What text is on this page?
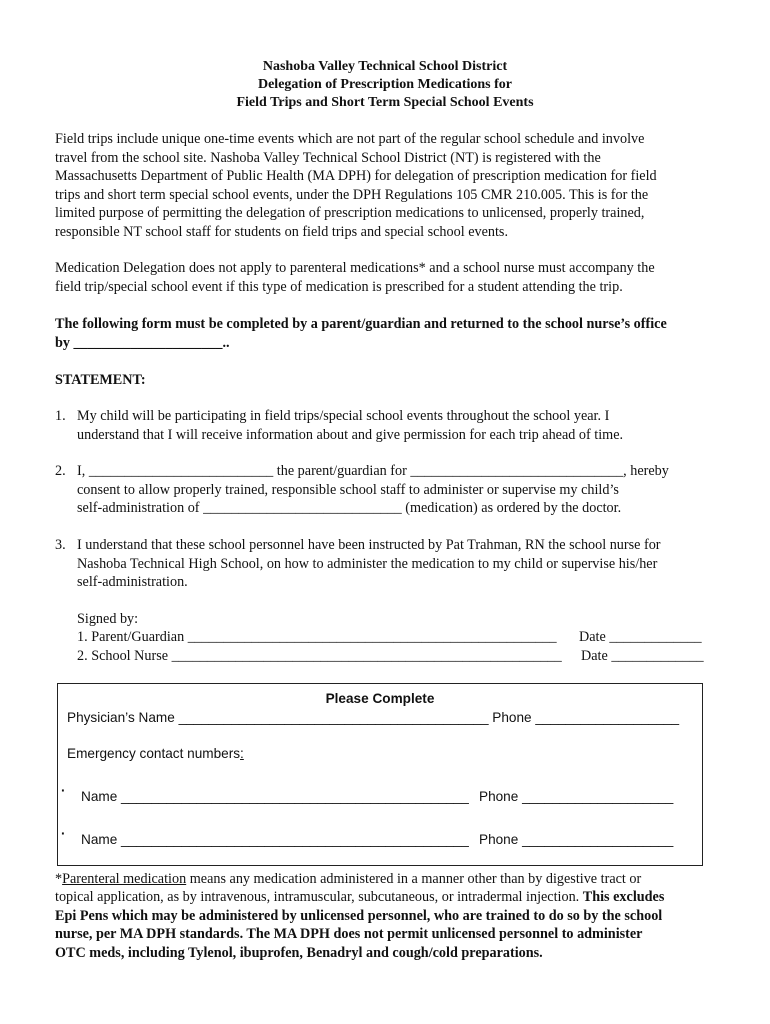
Nashoba Valley Technical School District
Delegation of Prescription Medications for
Field Trips and Short Term Special School Events
Field trips include unique one-time events which are not part of the regular school schedule and involve
travel from the school site. Nashoba Valley Technical School District (NT) is registered with the
Massachusetts Department of Public Health (MA DPH) for delegation of prescription medication for field
trips and short term special school events, under the DPH Regulations 105 CMR 210.005. This is for the
limited purpose of permitting the delegation of prescription medications to unlicensed, properly trained,
responsible NT school staff for students on field trips and special school events.
Medication Delegation does not apply to parenteral medications* and a school nurse must accompany the
field trip/special school event if this type of medication is prescribed for a student attending the trip.
The following form must be completed by a parent/guardian and returned to the school nurse’s office
by _____________________..
STATEMENT:
1. My child will be participating in field trips/special school events throughout the school year. I
understand that I will receive information about and give permission for each trip ahead of time.
2. I, __________________________ the parent/guardian for ______________________________, hereby
consent to allow properly trained, responsible school staff to administer or supervise my child’s
self-administration of ____________________________ (medication) as ordered by the doctor.
3. I understand that these school personnel have been instructed by Pat Trahman, RN the school nurse for
Nashoba Technical High School, on how to administer the medication to my child or supervise his/her
self-administration.
Signed by:
1. Parent/Guardian ____________________________________________________ Date _____________
2. School Nurse _______________________________________________________ Date _____________
Please Complete
Physician’s Name _________________________________________ Phone ___________________
Emergency contact numbers:
· Name ______________________________________________ Phone ____________________
· Name ______________________________________________ Phone ____________________
*Parenteral medication means any medication administered in a manner other than by digestive tract or
topical application, as by intravenous, intramuscular, subcutaneous, or intradermal injection. This excludes
Epi Pens which may be administered by unlicensed personnel, who are trained to do so by the school
nurse, per MA DPH standards. The MA DPH does not permit unlicensed personnel to administer
OTC meds, including Tylenol, ibuprofen, Benadryl and cough/cold preparations.
